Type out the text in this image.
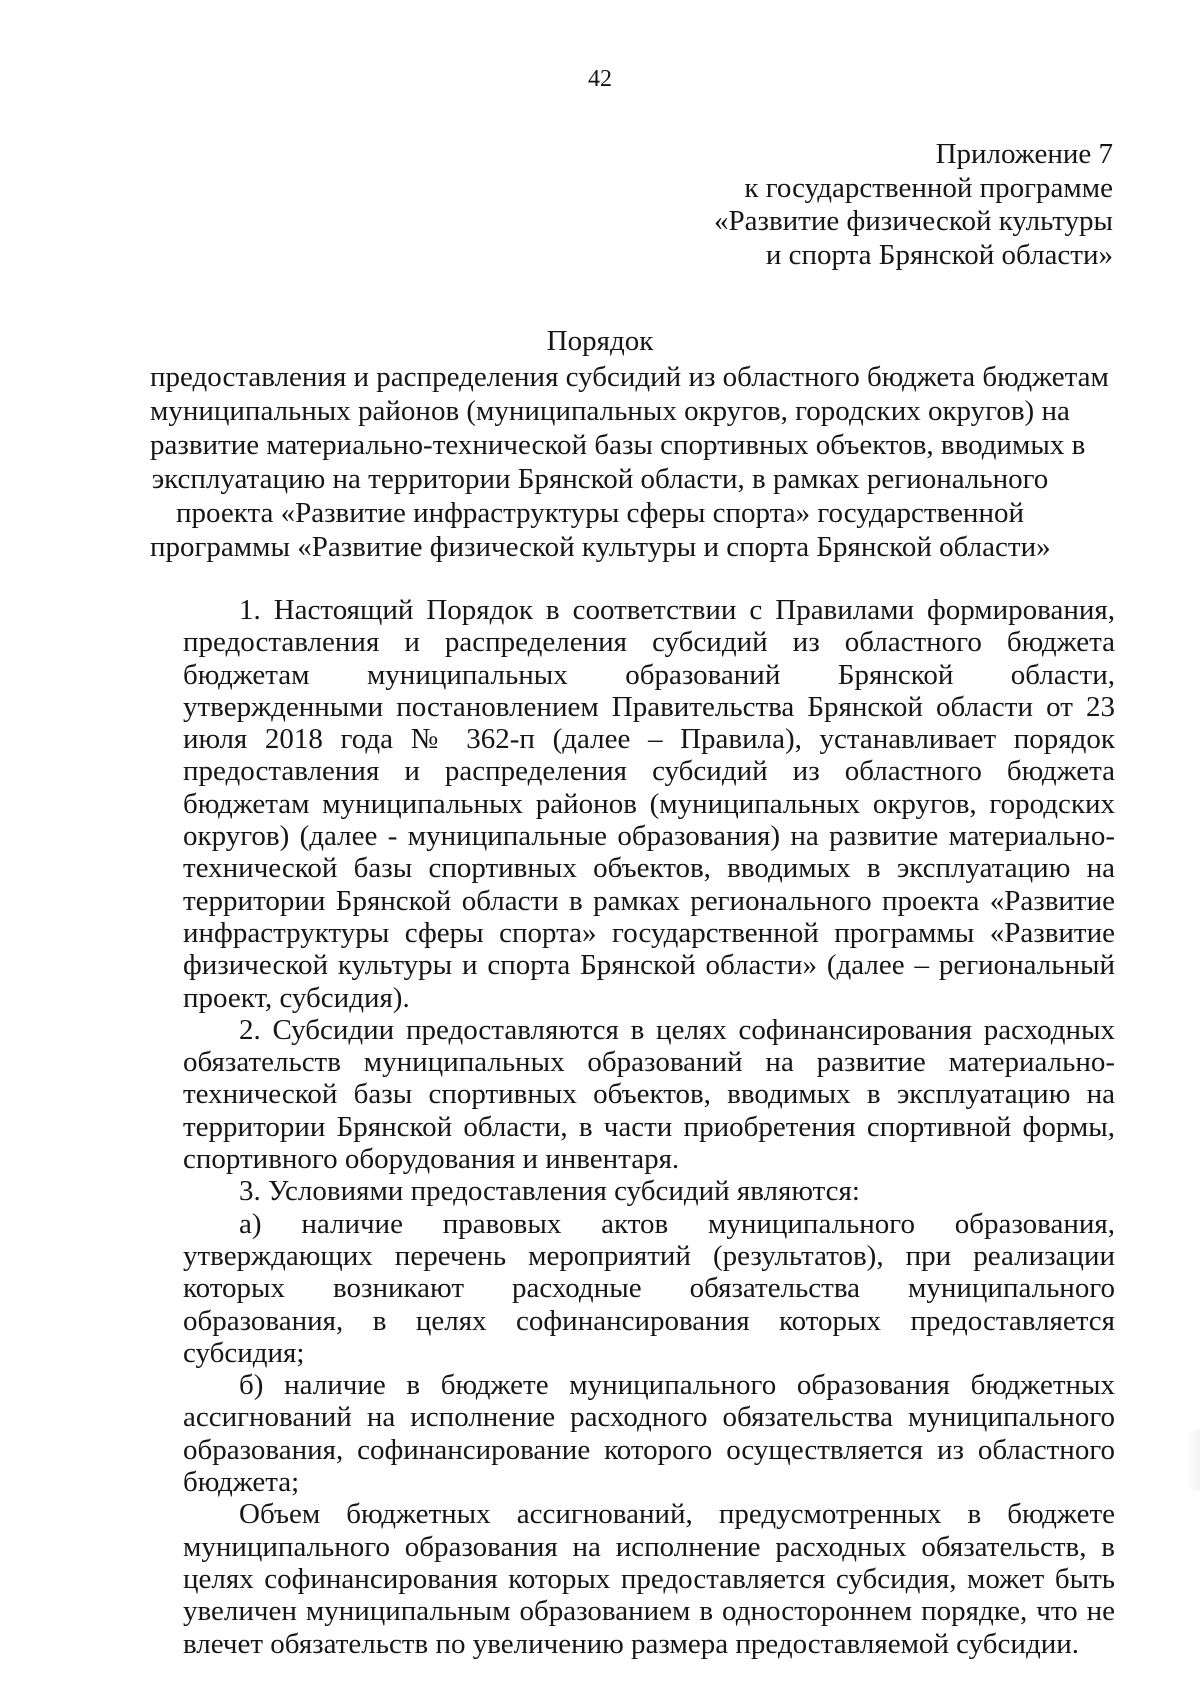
42
Приложение 7
к государственной программе
«Развитие физической культуры
и спорта Брянской области»
Порядок
предоставления и распределения субсидий из областного бюджета бюджетам
муниципальных районов (муниципальных округов, городских округов) на
развитие материально-технической базы спортивных объектов, вводимых в
эксплуатацию на территории Брянской области, в рамках регионального
проекта «Развитие инфраструктуры сферы спорта» государственной
программы «Развитие физической культуры и спорта Брянской области»

1. Настоящий Порядок в соответствии с Правилами формирования, предоставления и распределения субсидий из областного бюджета бюджетам муниципальных образований Брянской области, утвержденными постановлением Правительства Брянской области от 23 июля 2018 года № 362-п (далее – Правила), устанавливает порядок предоставления и распределения субсидий из областного бюджета бюджетам муниципальных районов (муниципальных округов, городских округов) (далее - муниципальные образования) на развитие материально-технической базы спортивных объектов, вводимых в эксплуатацию на территории Брянской области в рамках регионального проекта «Развитие инфраструктуры сферы спорта» государственной программы «Развитие физической культуры и спорта Брянской области» (далее – региональный проект, субсидия).

2. Субсидии предоставляются в целях софинансирования расходных обязательств муниципальных образований на развитие материально-технической базы спортивных объектов, вводимых в эксплуатацию на территории Брянской области, в части приобретения спортивной формы, спортивного оборудования и инвентаря.

3. Условиями предоставления субсидий являются:

а) наличие правовых актов муниципального образования, утверждающих перечень мероприятий (результатов), при реализации которых возникают расходные обязательства муниципального образования, в целях софинансирования которых предоставляется субсидия;

б) наличие в бюджете муниципального образования бюджетных ассигнований на исполнение расходного обязательства муниципального образования, софинансирование которого осуществляется из областного бюджета;

Объем бюджетных ассигнований, предусмотренных в бюджете муниципального образования на исполнение расходных обязательств, в целях софинансирования которых предоставляется субсидия, может быть увеличен муниципальным образованием в одностороннем порядке, что не влечет обязательств по увеличению размера предоставляемой субсидии.
